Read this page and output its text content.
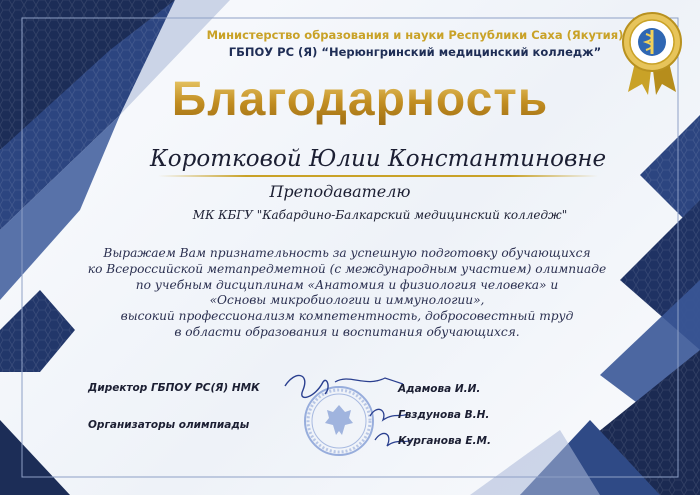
Министерство образования и науки Республики Саха (Якутия)
ГБПОУ РС (Я) “Нерюнгринский медицинский колледж”
Благодарность
Коротковой Юлии Константиновне
Преподавателю
МК КБГУ "Кабардино-Балкарский медицинский колледж"
Выражаем Вам признательность за успешную подготовку обучающихся
ко Всероссийской метапредметной (с международным участием) олимпиаде
по учебным дисциплинам «Анатомия и физиология человека» и
«Основы микробиологии и иммунологии»,
высокий профессионализм компетентность, добросовестный труд
в области образования и воспитания обучающихся.
Директор ГБПОУ РС(Я) НМК
Организаторы олимпиады
Адамова И.И.
Гвздунова В.Н.
Курганова Е.М.
